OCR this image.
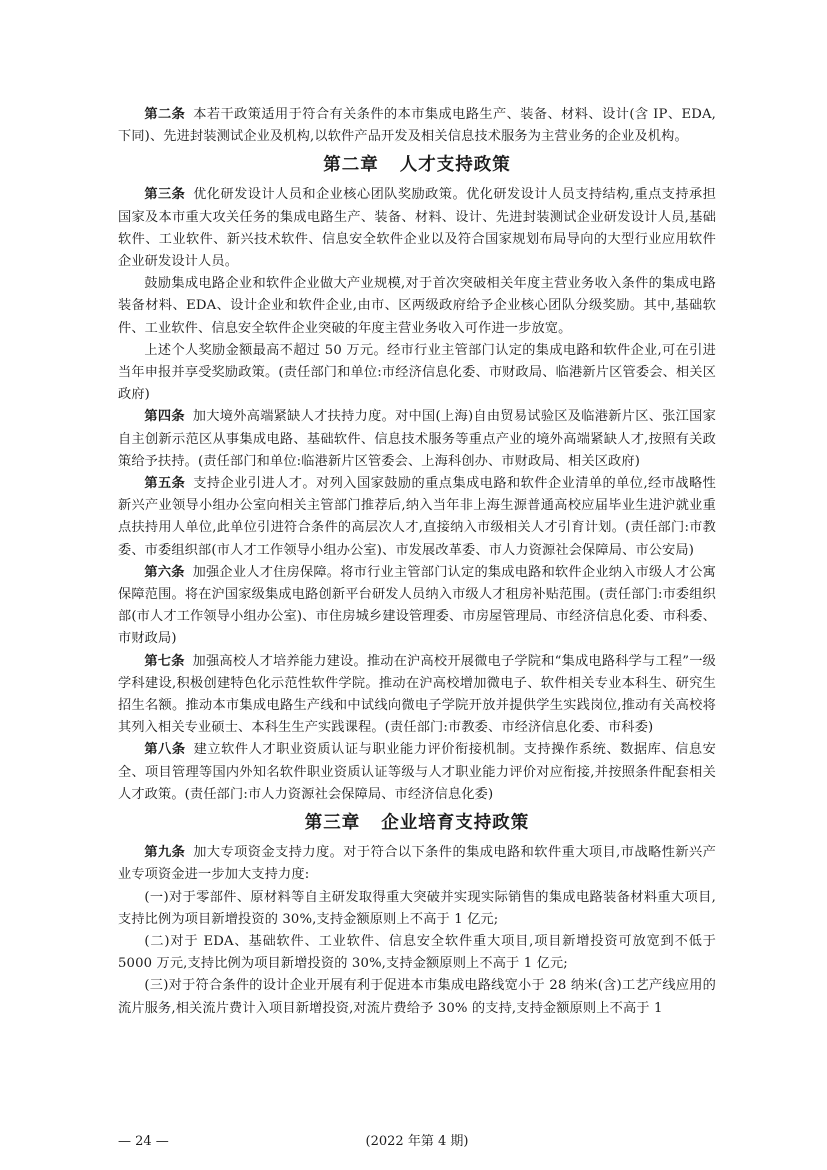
第二条 本若干政策适用于符合有关条件的本市集成电路生产、装备、材料、设计(含 IP、EDA,下同)、先进封装测试企业及机构,以软件产品开发及相关信息技术服务为主营业务的企业及机构。

第二章 人才支持政策

第三条 优化研发设计人员和企业核心团队奖励政策。优化研发设计人员支持结构,重点支持承担国家及本市重大攻关任务的集成电路生产、装备、材料、设计、先进封装测试企业研发设计人员,基础软件、工业软件、新兴技术软件、信息安全软件企业以及符合国家规划布局导向的大型行业应用软件企业研发设计人员。

鼓励集成电路企业和软件企业做大产业规模,对于首次突破相关年度主营业务收入条件的集成电路装备材料、EDA、设计企业和软件企业,由市、区两级政府给予企业核心团队分级奖励。其中,基础软件、工业软件、信息安全软件企业突破的年度主营业务收入可作进一步放宽。

上述个人奖励金额最高不超过 50 万元。经市行业主管部门认定的集成电路和软件企业,可在引进当年申报并享受奖励政策。(责任部门和单位:市经济信息化委、市财政局、临港新片区管委会、相关区政府)

第四条 加大境外高端紧缺人才扶持力度。对中国(上海)自由贸易试验区及临港新片区、张江国家自主创新示范区从事集成电路、基础软件、信息技术服务等重点产业的境外高端紧缺人才,按照有关政策给予扶持。(责任部门和单位:临港新片区管委会、上海科创办、市财政局、相关区政府)

第五条 支持企业引进人才。对列入国家鼓励的重点集成电路和软件企业清单的单位,经市战略性新兴产业领导小组办公室向相关主管部门推荐后,纳入当年非上海生源普通高校应届毕业生进沪就业重点扶持用人单位,此单位引进符合条件的高层次人才,直接纳入市级相关人才引育计划。(责任部门:市教委、市委组织部(市人才工作领导小组办公室)、市发展改革委、市人力资源社会保障局、市公安局)

第六条 加强企业人才住房保障。将市行业主管部门认定的集成电路和软件企业纳入市级人才公寓保障范围。将在沪国家级集成电路创新平台研发人员纳入市级人才租房补贴范围。(责任部门:市委组织部(市人才工作领导小组办公室)、市住房城乡建设管理委、市房屋管理局、市经济信息化委、市科委、市财政局)

第七条 加强高校人才培养能力建设。推动在沪高校开展微电子学院和“集成电路科学与工程”一级学科建设,积极创建特色化示范性软件学院。推动在沪高校增加微电子、软件相关专业本科生、研究生招生名额。推动本市集成电路生产线和中试线向微电子学院开放并提供学生实践岗位,推动有关高校将其列入相关专业硕士、本科生生产实践课程。(责任部门:市教委、市经济信息化委、市科委)

第八条 建立软件人才职业资质认证与职业能力评价衔接机制。支持操作系统、数据库、信息安全、项目管理等国内外知名软件职业资质认证等级与人才职业能力评价对应衔接,并按照条件配套相关人才政策。(责任部门:市人力资源社会保障局、市经济信息化委)

第三章 企业培育支持政策

第九条 加大专项资金支持力度。对于符合以下条件的集成电路和软件重大项目,市战略性新兴产业专项资金进一步加大支持力度:

(一)对于零部件、原材料等自主研发取得重大突破并实现实际销售的集成电路装备材料重大项目,支持比例为项目新增投资的 30%,支持金额原则上不高于 1 亿元;

(二)对于 EDA、基础软件、工业软件、信息安全软件重大项目,项目新增投资可放宽到不低于 5000 万元,支持比例为项目新增投资的 30%,支持金额原则上不高于 1 亿元;

(三)对于符合条件的设计企业开展有利于促进本市集成电路线宽小于 28 纳米(含)工艺产线应用的流片服务,相关流片费计入项目新增投资,对流片费给予 30% 的支持,支持金额原则上不高于 1

— 24 —	(2022 年第 4 期)
